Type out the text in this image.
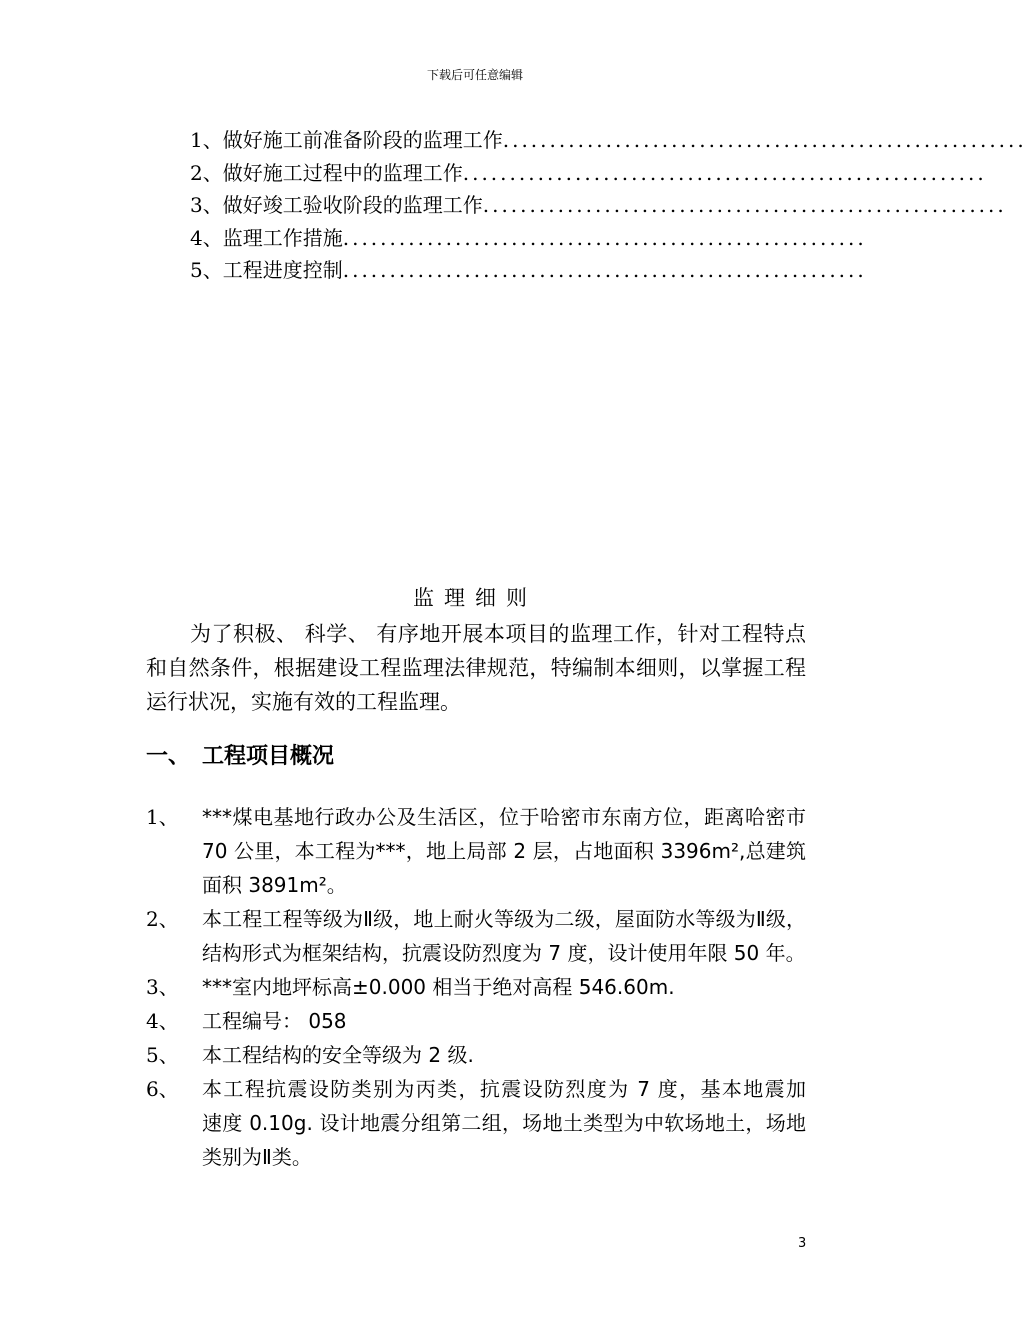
下载后可任意编辑
1、 做好施工前准备阶段的监理工作 ........................................................
2、 做好施工过程中的监理工作 ........................................................
3、 做好竣工验收阶段的监理工作 ........................................................
4、 监理工作措施 ........................................................
5、 工程进度控制 ........................................................
监理细则
为了积极、 科学、 有序地开展本项目的监理工作，针对工程特点和自然条件，根据建设工程监理法律规范，特编制本细则，以掌握工程运行状况，实施有效的工程监理。
一、 工程项目概况
1、	***煤电基地行政办公及生活区，位于哈密市东南方位，距离哈密市 70 公里，本工程为***，地上局部 2 层，占地面积 3396m²,总建筑面积 3891m²。
2、	本工程工程等级为Ⅱ级，地上耐火等级为二级，屋面防水等级为Ⅱ级，结构形式为框架结构，抗震设防烈度为 7 度，设计使用年限 50 年。
3、	***室内地坪标高±0.000 相当于绝对高程 546.60m.
4、	工程编号： 058
5、	本工程结构的安全等级为 2 级.
6、	本工程抗震设防类别为丙类，抗震设防烈度为 7 度，基本地震加　 速度 0.10g. 设计地震分组第二组，场地土类型为中软场地土，场地类别为Ⅱ类。
3
